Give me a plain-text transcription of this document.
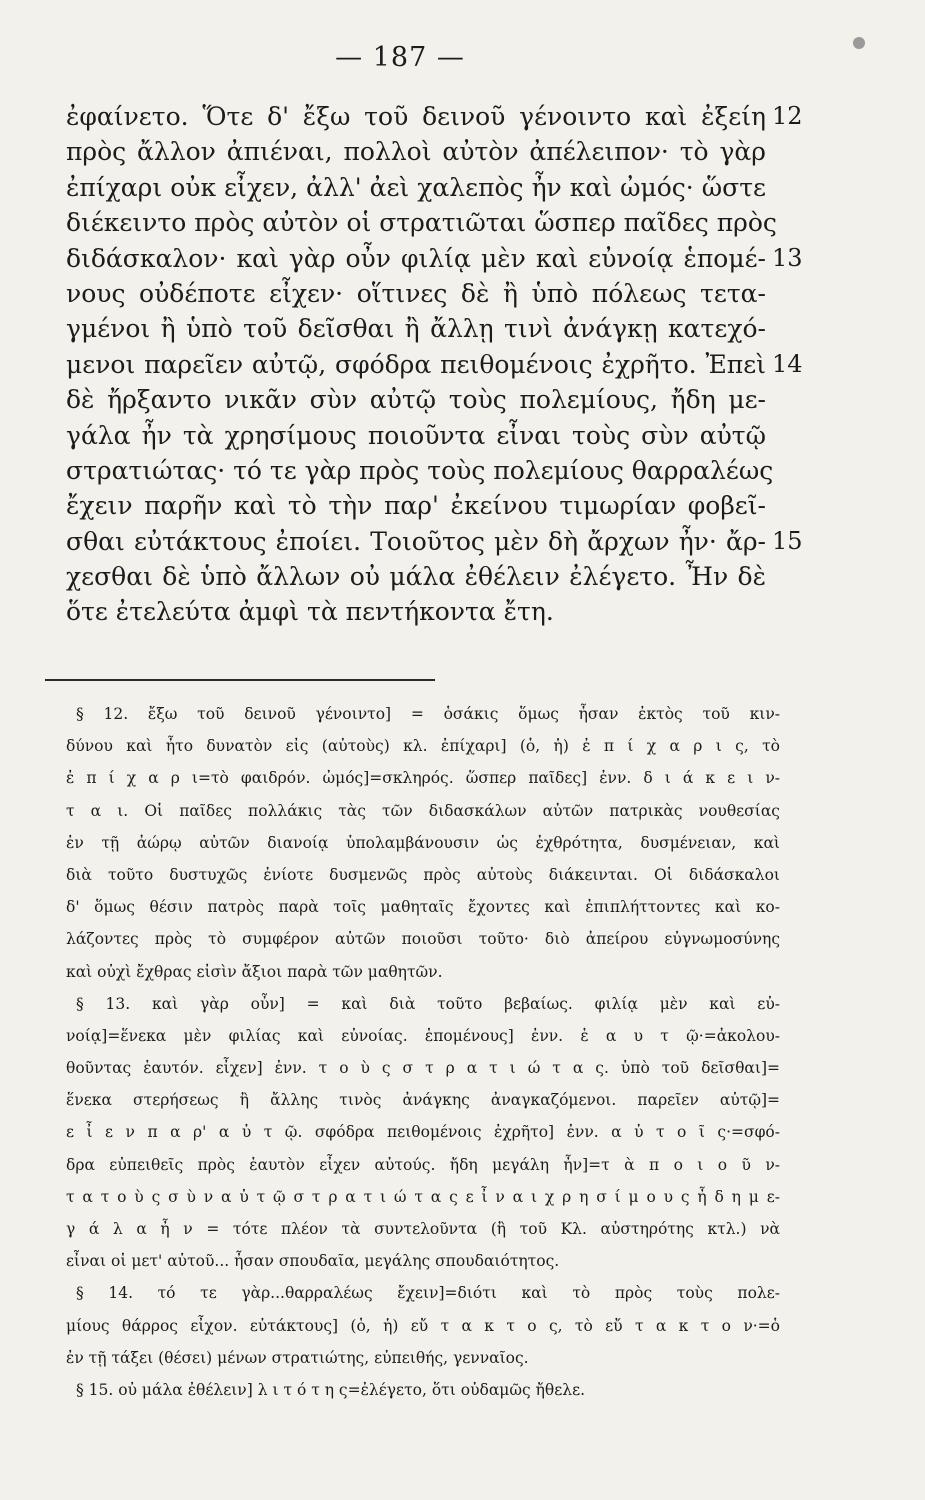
— 187 —
ἐφαίνετο. Ὅτε δ' ἔξω τοῦ δεινοῦ γένοιντο καὶ ἐξείη
πρὸς ἄλλον ἀπιέναι, πολλοὶ αὐτὸν ἀπέλειπον· τὸ γὰρ
ἐπίχαρι οὐκ εἶχεν, ἀλλ' ἀεὶ χαλεπὸς ἦν καὶ ὠμός· ὥστε
διέκειντο πρὸς αὐτὸν οἱ στρατιῶται ὥσπερ παῖδες πρὸς
διδάσκαλον· καὶ γὰρ οὖν φιλίᾳ μὲν καὶ εὐνοίᾳ ἑπομέ-
νους οὐδέποτε εἶχεν· οἵτινες δὲ ἢ ὑπὸ πόλεως τετα-
γμένοι ἢ ὑπὸ τοῦ δεῖσθαι ἢ ἄλλῃ τινὶ ἀνάγκῃ κατεχό-
μενοι παρεῖεν αὐτῷ, σφόδρα πειθομένοις ἐχρῆτο. Ἐπεὶ
δὲ ἤρξαντο νικᾶν σὺν αὐτῷ τοὺς πολεμίους, ἤδη με-
γάλα ἦν τὰ χρησίμους ποιοῦντα εἶναι τοὺς σὺν αὐτῷ
στρατιώτας· τό τε γὰρ πρὸς τοὺς πολεμίους θαρραλέως
ἔχειν παρῆν καὶ τὸ τὴν παρ' ἐκείνου τιμωρίαν φοβεῖ-
σθαι εὐτάκτους ἐποίει. Τοιοῦτος μὲν δὴ ἄρχων ἦν· ἄρ-
χεσθαι δὲ ὑπὸ ἄλλων οὐ μάλα ἐθέλειν ἐλέγετο. Ἦν δὲ
ὅτε ἐτελεύτα ἀμφὶ τὰ πεντήκοντα ἔτη.
12
13
14
15
§ 12. ἔξω τοῦ δεινοῦ γένοιντο] = ὁσάκις ὅμως ἦσαν ἐκτὸς τοῦ κιν-
δύνου καὶ ἦτο δυνατὸν εἰς (αὐτοὺς) κλ. ἐπίχαρι] (ὁ, ἡ) ἐ π ί χ α ρ ι ς, τὸ
ἐ π ί χ α ρ ι=τὸ φαιδρόν. ὠμός]=σκληρός. ὥσπερ παῖδες] ἐνν. δ ι ά κ ε ι ν-
τ α ι. Οἱ παῖδες πολλάκις τὰς τῶν διδασκάλων αὐτῶν πατρικὰς νουθεσίας
ἐν τῇ ἀώρῳ αὐτῶν διανοίᾳ ὑπολαμβάνουσιν ὡς ἐχθρότητα, δυσμένειαν, καὶ
διὰ τοῦτο δυστυχῶς ἐνίοτε δυσμενῶς πρὸς αὐτοὺς διάκεινται. Οἱ διδάσκαλοι
δ' ὅμως θέσιν πατρὸς παρὰ τοῖς μαθηταῖς ἔχοντες καὶ ἐπιπλήττοντες καὶ κο-
λάζοντες πρὸς τὸ συμφέρον αὐτῶν ποιοῦσι τοῦτο· διὸ ἀπείρου εὐγνωμοσύνης
καὶ οὐχὶ ἔχθρας εἰσὶν ἄξιοι παρὰ τῶν μαθητῶν.
§ 13. καὶ γὰρ οὖν] = καὶ διὰ τοῦτο βεβαίως. φιλίᾳ μὲν καὶ εὐ-
νοίᾳ]=ἕνεκα μὲν φιλίας καὶ εὐνοίας. ἑπομένους] ἐνν. ἑ α υ τ ῷ·=ἀκολου-
θοῦντας ἑαυτόν. εἶχεν] ἐνν. τ ο ὺ ς σ τ ρ α τ ι ώ τ α ς. ὑπὸ τοῦ δεῖσθαι]=
ἕνεκα στερήσεως ἢ ἄλλης τινὸς ἀνάγκης ἀναγκαζόμενοι. παρεῖεν αὐτῷ]=
ε ἶ ε ν π α ρ' α ὐ τ ῷ. σφόδρα πειθομένοις ἐχρῆτο] ἐνν. α ὐ τ ο ῖ ς·=σφό-
δρα εὐπειθεῖς πρὸς ἑαυτὸν εἶχεν αὐτούς. ἤδη μεγάλη ἦν]=τ ὰ π ο ι ο ῦ ν-
τ α τ ο ὺ ς σ ὺ ν α ὐ τ ῷ σ τ ρ α τ ι ώ τ α ς ε ἶ ν α ι χ ρ η σ ί μ ο υ ς ἦ δ η μ ε-
γ ά λ α ἦ ν = τότε πλέον τὰ συντελοῦντα (ἢ τοῦ Κλ. αὐστηρότης κτλ.) νὰ
εἶναι οἱ μετ' αὐτοῦ... ἦσαν σπουδαῖα, μεγάλης σπουδαιότητος.
§ 14. τό τε γὰρ...θαρραλέως ἔχειν]=διότι καὶ τὸ πρὸς τοὺς πολε-
μίους θάρρος εἶχον. εὐτάκτους] (ὁ, ἡ) εὔ τ α κ τ ο ς, τὸ εὔ τ α κ τ ο ν·=ὁ
ἐν τῇ τάξει (θέσει) μένων στρατιώτης, εὐπειθής, γενναῖος.
§ 15. οὐ μάλα ἐθέλειν] λ ι τ ό τ η ς=ἐλέγετο, ὅτι οὐδαμῶς ἤθελε.
